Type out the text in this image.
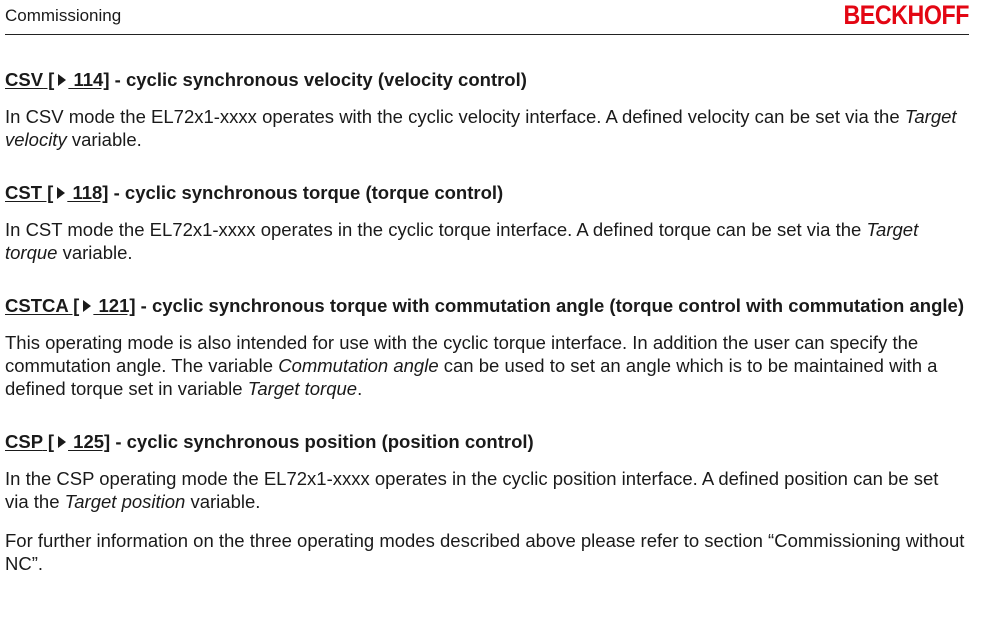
Commissioning	BECKHOFF
CSV [ 114] - cyclic synchronous velocity (velocity control)

In CSV mode the EL72x1-xxxx operates with the cyclic velocity interface. A defined velocity can be set via the Target velocity variable.

CST [ 118] - cyclic synchronous torque (torque control)

In CST mode the EL72x1-xxxx operates in the cyclic torque interface. A defined torque can be set via the Target torque variable.

CSTCA [ 121] - cyclic synchronous torque with commutation angle (torque control with commutation angle)

This operating mode is also intended for use with the cyclic torque interface. In addition the user can specify the commutation angle. The variable Commutation angle can be used to set an angle which is to be maintained with a defined torque set in variable Target torque.

CSP [ 125] - cyclic synchronous position (position control)

In the CSP operating mode the EL72x1-xxxx operates in the cyclic position interface. A defined position can be set via the Target position variable.

For further information on the three operating modes described above please refer to section “Commissioning without NC”.
